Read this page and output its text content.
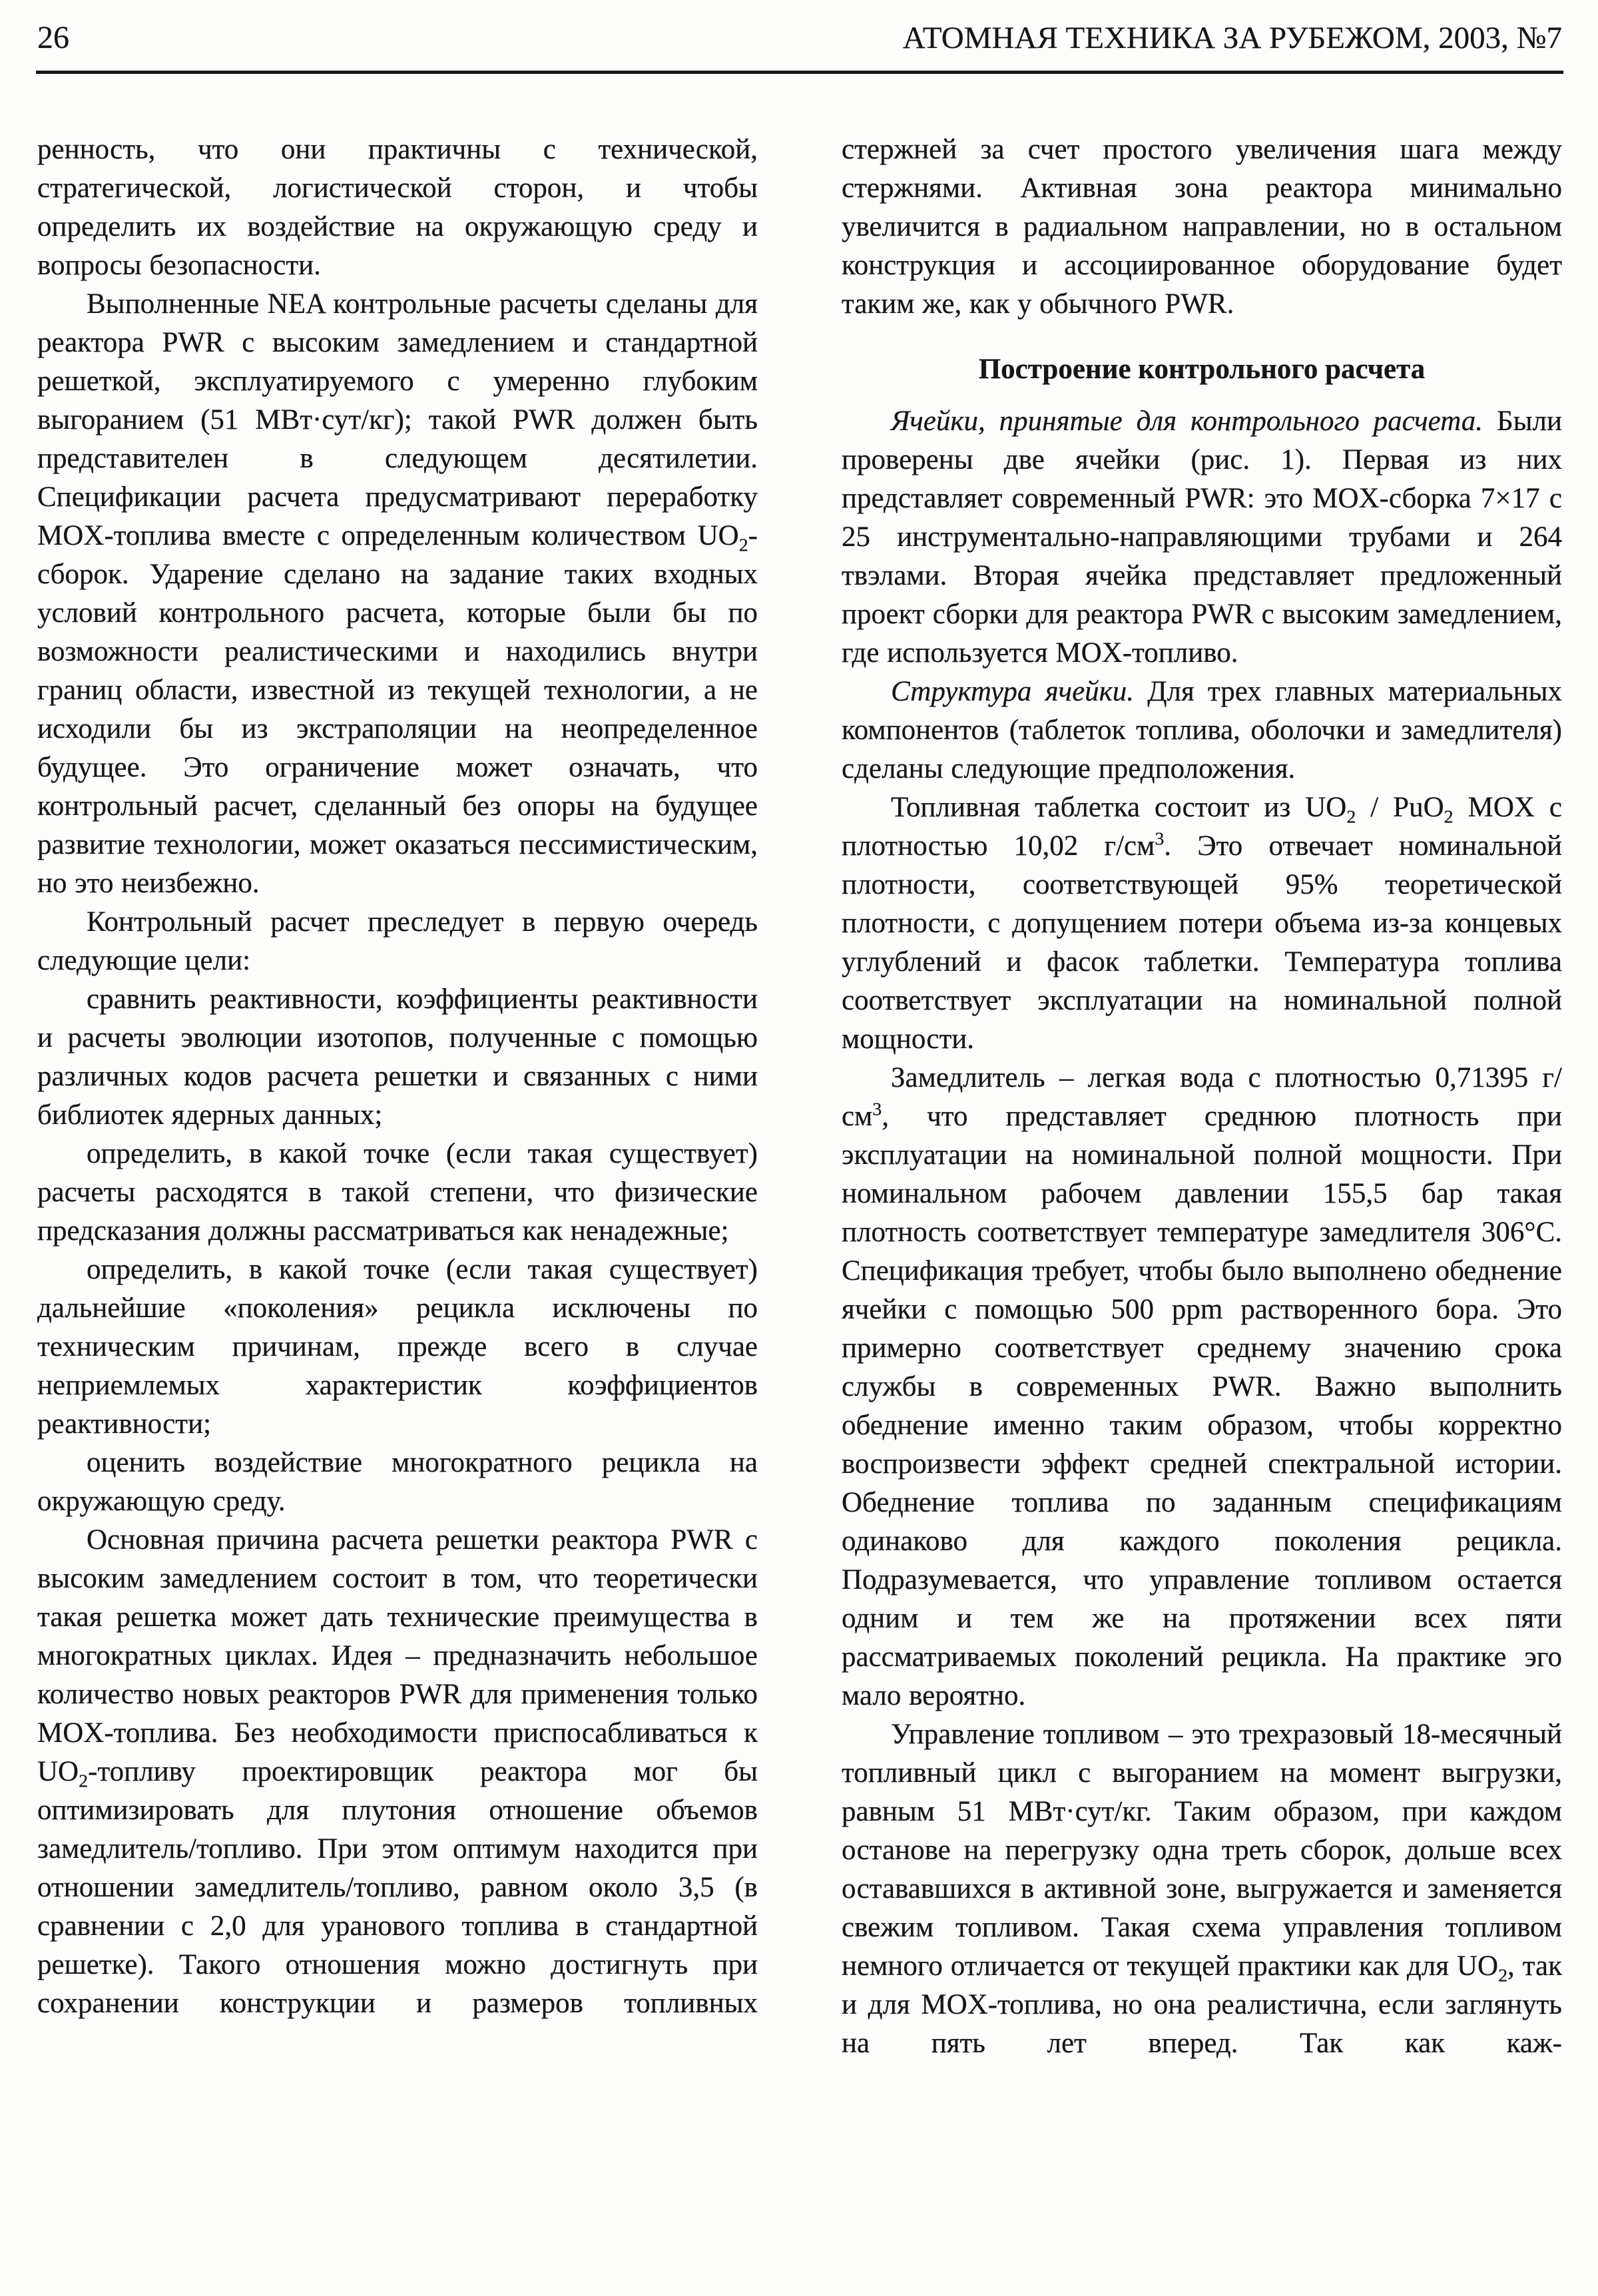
26	АТОМНАЯ ТЕХНИКА ЗА РУБЕЖОМ, 2003, №7

ренность, что они практичны с технической, стратегической, логистической сторон, и чтобы определить их воздействие на окружающую среду и вопросы безопасности.

Выполненные NEA контрольные расчеты сделаны для реактора PWR с высоким замедлением и стандартной решеткой, эксплуатируемого с умеренно глубоким выгоранием (51 МВт·сут/кг); такой PWR должен быть представителен в следующем десятилетии. Спецификации расчета предусматривают переработку MOX-топлива вместе с определенным количеством $UO_2$-сборок. Ударение сделано на задание таких входных условий контрольного расчета, которые были бы по возможности реалистическими и находились внутри границ области, известной из текущей технологии, а не исходили бы из экстраполяции на неопределенное будущее. Это ограничение может означать, что контрольный расчет, сделанный без опоры на будущее развитие технологии, может оказаться пессимистическим, но это неизбежно.

Контрольный расчет преследует в первую очередь следующие цели:

сравнить реактивности, коэффициенты реактивности и расчеты эволюции изотопов, полученные с помощью различных кодов расчета решетки и связанных с ними библиотек ядерных данных;

определить, в какой точке (если такая существует) расчеты расходятся в такой степени, что физические предсказания должны рассматриваться как ненадежные;

определить, в какой точке (если такая существует) дальнейшие «поколения» рецикла исключены по техническим причинам, прежде всего в случае неприемлемых характеристик коэффициентов реактивности;

оценить воздействие многократного рецикла на окружающую среду.

Основная причина расчета решетки реактора PWR с высоким замедлением состоит в том, что теоретически такая решетка может дать технические преимущества в многократных циклах. Идея – предназначить небольшое количество новых реакторов PWR для применения только MOX-топлива. Без необходимости приспосабливаться к $UO_2$-топливу проектировщик реактора мог бы оптимизировать для плутония отношение объемов замедлитель/топливо. При этом оптимум находится при отношении замедлитель/топливо, равном около 3,5 (в сравнении с 2,0 для уранового топлива в стандартной решетке). Такого отношения можно достигнуть при сохранении конструкции и размеров топливных

стержней за счет простого увеличения шага между стержнями. Активная зона реактора минимально увеличится в радиальном направлении, но в остальном конструкция и ассоциированное оборудование будет таким же, как у обычного PWR.

Построение контрольного расчета

Ячейки, принятые для контрольного расчета. Были проверены две ячейки (рис. 1). Первая из них представляет современный PWR: это MOX-сборка 7×17 с 25 инструментально-направляющими трубами и 264 твэлами. Вторая ячейка представляет предложенный проект сборки для реактора PWR с высоким замедлением, где используется MOX-топливо.

Структура ячейки. Для трех главных материальных компонентов (таблеток топлива, оболочки и замедлителя) сделаны следующие предположения.

Топливная таблетка состоит из $UO_2 / PuO_2$ MOX с плотностью 10,02 $г/см^3$. Это отвечает номинальной плотности, соответствующей 95% теоретической плотности, с допущением потери объема из-за концевых углублений и фасок таблетки. Температура топлива соответствует эксплуатации на номинальной полной мощности.

Замедлитель – легкая вода с плотностью 0,71395 $г/см^3$, что представляет среднюю плотность при эксплуатации на номинальной полной мощности. При номинальном рабочем давлении 155,5 бар такая плотность соответствует температуре замедлителя 306°С. Спецификация требует, чтобы было выполнено обеднение ячейки с помощью 500 ppm растворенного бора. Это примерно соответствует среднему значению срока службы в современных PWR. Важно выполнить обеднение именно таким образом, чтобы корректно воспроизвести эффект средней спектральной истории. Обеднение топлива по заданным спецификациям одинаково для каждого поколения рецикла. Подразумевается, что управление топливом остается одним и тем же на протяжении всех пяти рассматриваемых поколений рецикла. На практике эго мало вероятно.

Управление топливом – это трехразовый 18-месячный топливный цикл с выгоранием на момент выгрузки, равным 51 МВт·сут/кг. Таким образом, при каждом останове на перегрузку одна треть сборок, дольше всех остававшихся в активной зоне, выгружается и заменяется свежим топливом. Такая схема управления топливом немного отличается от текущей практики как для $UO_2$, так и для MOX-топлива, но она реалистична, если заглянуть на пять лет вперед. Так как каж-
